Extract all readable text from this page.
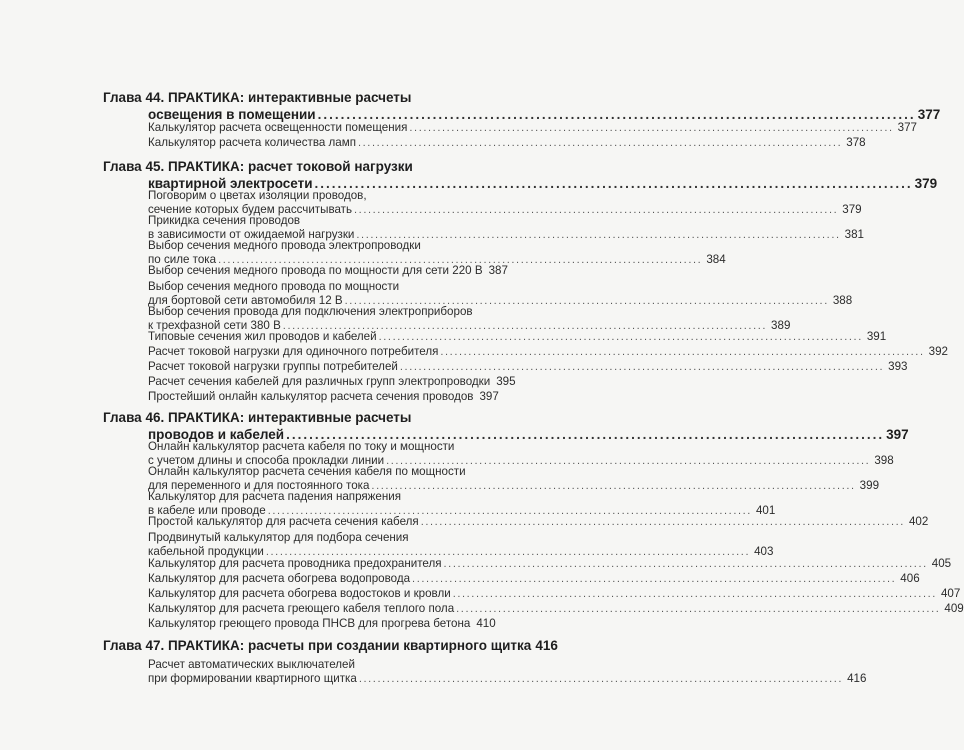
Глава 44. ПРАКТИКА: интерактивные расчеты
освещения в помещении ........................................................................................................ 377
Калькулятор расчета освещенности помещения ........................................................................................................ 377
Калькулятор расчета количества ламп ........................................................................................................ 378
Глава 45. ПРАКТИКА: расчет токовой нагрузки
квартирной электросети ........................................................................................................ 379
Поговорим о цветах изоляции проводов,
сечение которых будем рассчитывать ........................................................................................................ 379
Прикидка сечения проводов
в зависимости от ожидаемой нагрузки ........................................................................................................ 381
Выбор сечения медного провода электропроводки
по силе тока ........................................................................................................ 384
Выбор сечения медного провода по мощности для сети 220 В 387
Выбор сечения медного провода по мощности
для бортовой сети автомобиля 12 В ........................................................................................................ 388
Выбор сечения провода для подключения электроприборов
к трехфазной сети 380 В ........................................................................................................ 389
Типовые сечения жил проводов и кабелей ........................................................................................................ 391
Расчет токовой нагрузки для одиночного потребителя ........................................................................................................ 392
Расчет токовой нагрузки группы потребителей ........................................................................................................ 393
Расчет сечения кабелей для различных групп электропроводки 395
Простейший онлайн калькулятор расчета сечения проводов 397
Глава 46. ПРАКТИКА: интерактивные расчеты
проводов и кабелей ........................................................................................................ 397
Онлайн калькулятор расчета кабеля по току и мощности
с учетом длины и способа прокладки линии ........................................................................................................ 398
Онлайн калькулятор расчета сечения кабеля по мощности
для переменного и для постоянного тока ........................................................................................................ 399
Калькулятор для расчета падения напряжения
в кабеле или проводе ........................................................................................................ 401
Простой калькулятор для расчета сечения кабеля ........................................................................................................ 402
Продвинутый калькулятор для подбора сечения
кабельной продукции ........................................................................................................ 403
Калькулятор для расчета проводника предохранителя ........................................................................................................ 405
Калькулятор для расчета обогрева водопровода ........................................................................................................ 406
Калькулятор для расчета обогрева водостоков и кровли ........................................................................................................ 407
Калькулятор для расчета греющего кабеля теплого пола ........................................................................................................ 409
Калькулятор греющего провода ПНСВ для прогрева бетона 410
Глава 47. ПРАКТИКА: расчеты при создании квартирного щитка 416
Расчет автоматических выключателей
при формировании квартирного щитка ........................................................................................................ 416
